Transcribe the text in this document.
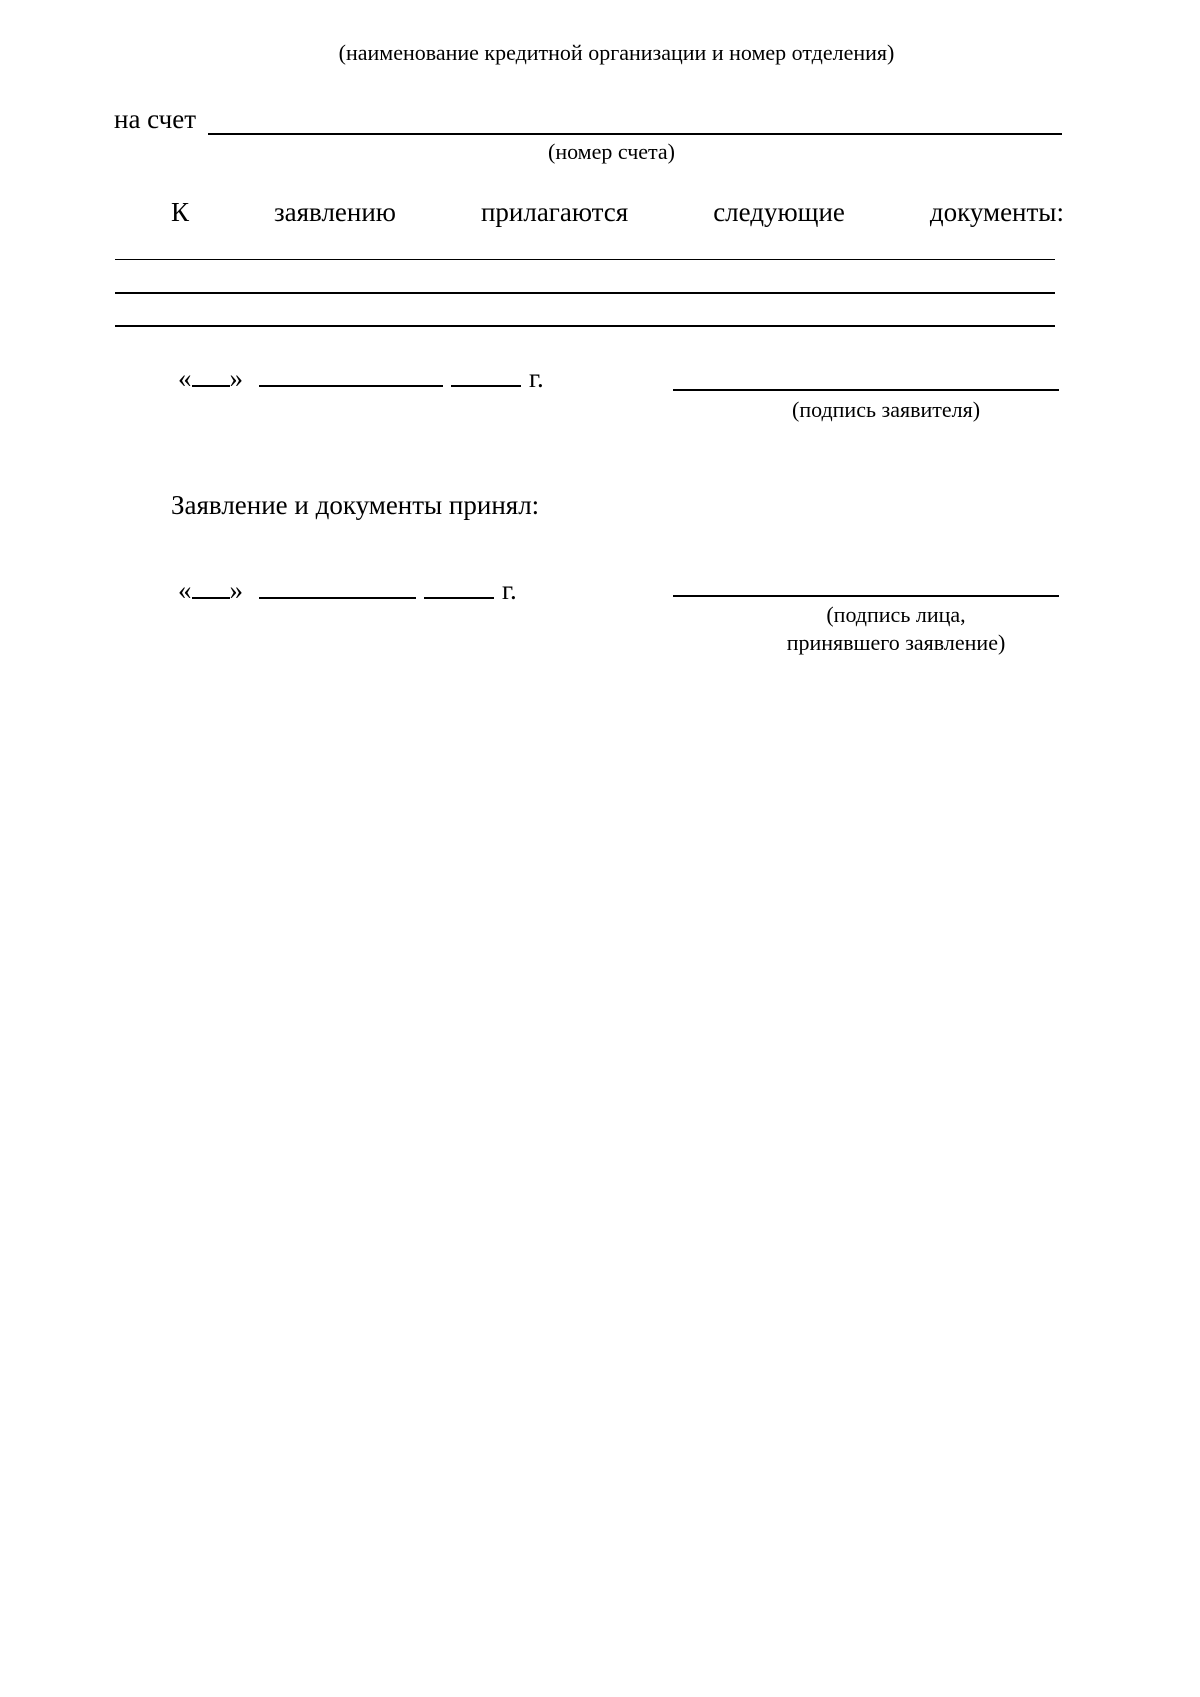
(наименование кредитной организации и номер отделения)
на счет
(номер счета)
К	заявлению	прилагаются	следующие	документы:
« »	г.
(подпись заявителя)
Заявление и документы принял:
« »	г.
(подпись лица,
принявшего заявление)
